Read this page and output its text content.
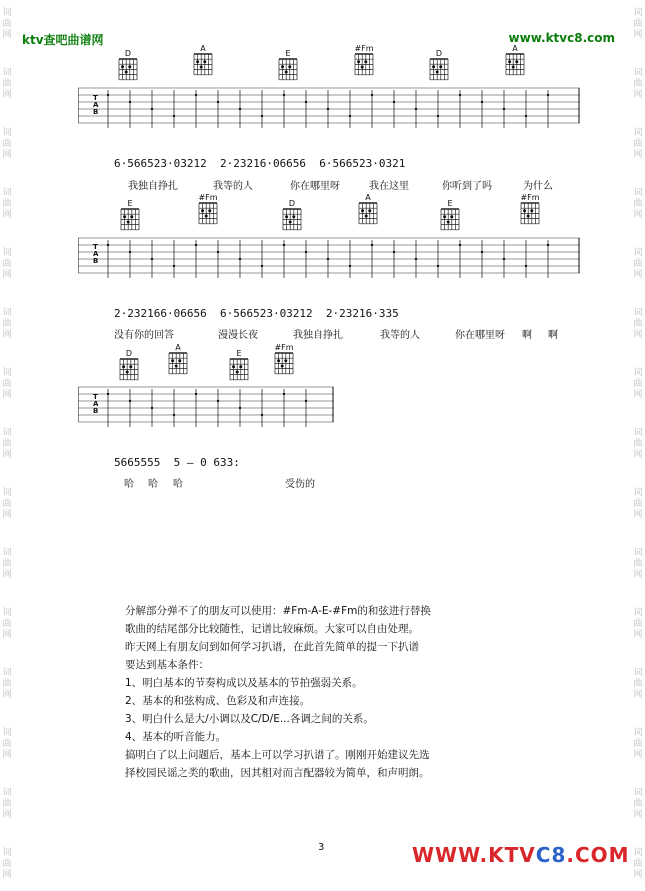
词
曲
网
词
曲
网
词
曲
网
词
曲
网
词
曲
网
词
曲
网
词
曲
网
词
曲
网
词
曲
网
词
曲
网
词
曲
网
词
曲
网
词
曲
网
词
曲
网
词
曲
网
词
曲
网
词
曲
网
词
曲
网
词
曲
网
词
曲
网
词
曲
网
词
曲
网
词
曲
网
词
曲
网
词
曲
网
词
曲
网
词
曲
网
词
曲
网
词
曲
网
词
曲
网
ktv查吧曲谱网	www.ktvc8.com
D
A
E
#Fm
D
A
T
A
B
6·566523·03212  2·23216·06656  6·566523·0321
我独自挣扎	我等的人	你在哪里呀	我在这里	你听到了吗	为什么
E
#Fm
D
A
E
#Fm
T
A
B
2·232166·06656  6·566523·03212  2·23216·335
没有你的回答	漫漫长夜	我独自挣扎	我等的人	你在哪里呀 啊 啊
D
A
E
#Fm
T
A
B
5665555  5 – 0 633:
哈 哈 哈	受伤的
分解部分弹不了的朋友可以使用：#Fm-A-E-#Fm的和弦进行替换
歌曲的结尾部分比较随性，记谱比较麻烦。大家可以自由处理。
昨天网上有朋友问到如何学习扒谱，在此首先简单的提一下扒谱
要达到基本条件：
1、明白基本的节奏构成以及基本的节拍强弱关系。
2、基本的和弦构成、色彩及和声连接。
3、明白什么是大/小调以及C/D/E...各调之间的关系。
4、基本的听音能力。
搞明白了以上问题后，基本上可以学习扒谱了。刚刚开始建议先选
择校园民谣之类的歌曲，因其相对而言配器较为简单，和声明朗。
3	WWW.KTVC8.COM
